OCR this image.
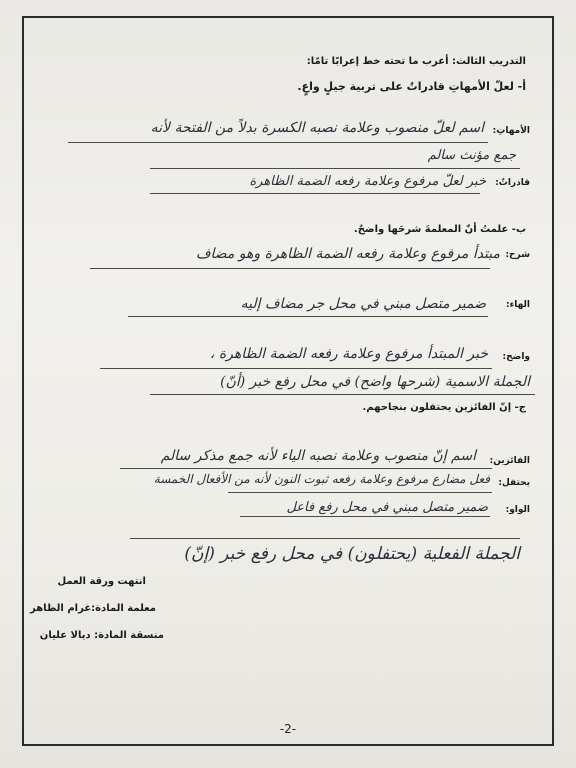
التدريب الثالث: أعرب ما تحته خط إعرابًا تامًا:
أ- لعلّ الأمهاتِ قادراتٌ على تربية جيلٍ واعٍ.
الأمهاتِ:
اسم لعلّ منصوب وعلامة نصبه الكسرة بدلاً من الفتحة لأنه
جمع مؤنث سالم
قادراتٌ:
خبر لعلّ مرفوع وعلامة رفعه الضمة الظاهرة
ب- علمتُ أنّ المعلمةَ شرحَها واضحٌ.
شرح:
مبتدأ مرفوع وعلامة رفعه الضمة الظاهرة وهو مضاف
الهاء:
ضمير متصل مبني في محل جر مضاف إليه
واضح:
خبر المبتدأ مرفوع وعلامة رفعه الضمة الظاهرة ،
الجملة الاسمية (شرحها واضح) في محل رفع خبر (أنّ)
ج- إنّ الفائزين يحتفلون بنجاحهم.
الفائزين:
اسم إنّ منصوب وعلامة نصبه الياء لأنه جمع مذكر سالم
يحتفل:
فعل مضارع مرفوع وعلامة رفعه ثبوت النون لأنه من الأفعال الخمسة
الواو:
ضمير متصل مبني في محل رفع فاعل
الجملة الفعلية (يحتفلون) في محل رفع خبر (إنّ)
انتهت ورقة العمل
معلمة المادة:غرام الظاهر
منسقة المادة: ديالا عليان
-2-
